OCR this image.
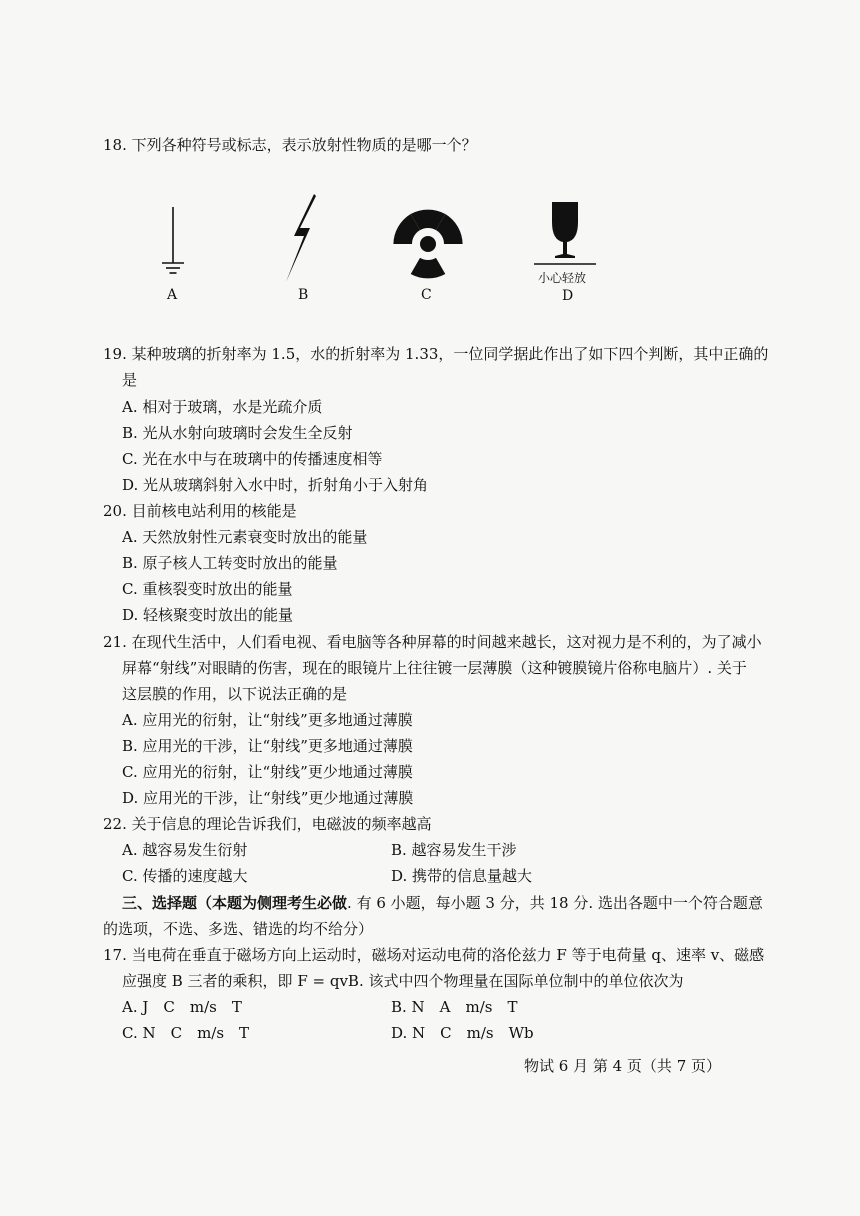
18. 下列各种符号或标志，表示放射性物质的是哪一个？
A	B	C
小心轻放
D
19. 某种玻璃的折射率为 1.5，水的折射率为 1.33，一位同学据此作出了如下四个判断，其中正确的
是
A. 相对于玻璃，水是光疏介质
B. 光从水射向玻璃时会发生全反射
C. 光在水中与在玻璃中的传播速度相等
D. 光从玻璃斜射入水中时，折射角小于入射角
20. 目前核电站利用的核能是
A. 天然放射性元素衰变时放出的能量
B. 原子核人工转变时放出的能量
C. 重核裂变时放出的能量
D. 轻核聚变时放出的能量
21. 在现代生活中，人们看电视、看电脑等各种屏幕的时间越来越长，这对视力是不利的，为了减小
屏幕“射线”对眼睛的伤害，现在的眼镜片上往往镀一层薄膜（这种镀膜镜片俗称电脑片）. 关于
这层膜的作用，以下说法正确的是
A. 应用光的衍射，让“射线”更多地通过薄膜
B. 应用光的干涉，让“射线”更多地通过薄膜
C. 应用光的衍射，让“射线”更少地通过薄膜
D. 应用光的干涉，让“射线”更少地通过薄膜
22. 关于信息的理论告诉我们，电磁波的频率越高
A. 越容易发生衍射	B. 越容易发生干涉
C. 传播的速度越大	D. 携带的信息量越大
三、选择题（本题为侧理考生必做. 有 6 小题，每小题 3 分，共 18 分. 选出各题中一个符合题意
的选项，不选、多选、错选的均不给分）
17. 当电荷在垂直于磁场方向上运动时，磁场对运动电荷的洛伦兹力 F 等于电荷量 q、速率 v、磁感
应强度 B 三者的乘积，即 F = qvB. 该式中四个物理量在国际单位制中的单位依次为
A. J　C　m/s　T	B. N　A　m/s　T
C. N　C　m/s　T	D. N　C　m/s　Wb
物试 6 月 第 4 页（共 7 页）
